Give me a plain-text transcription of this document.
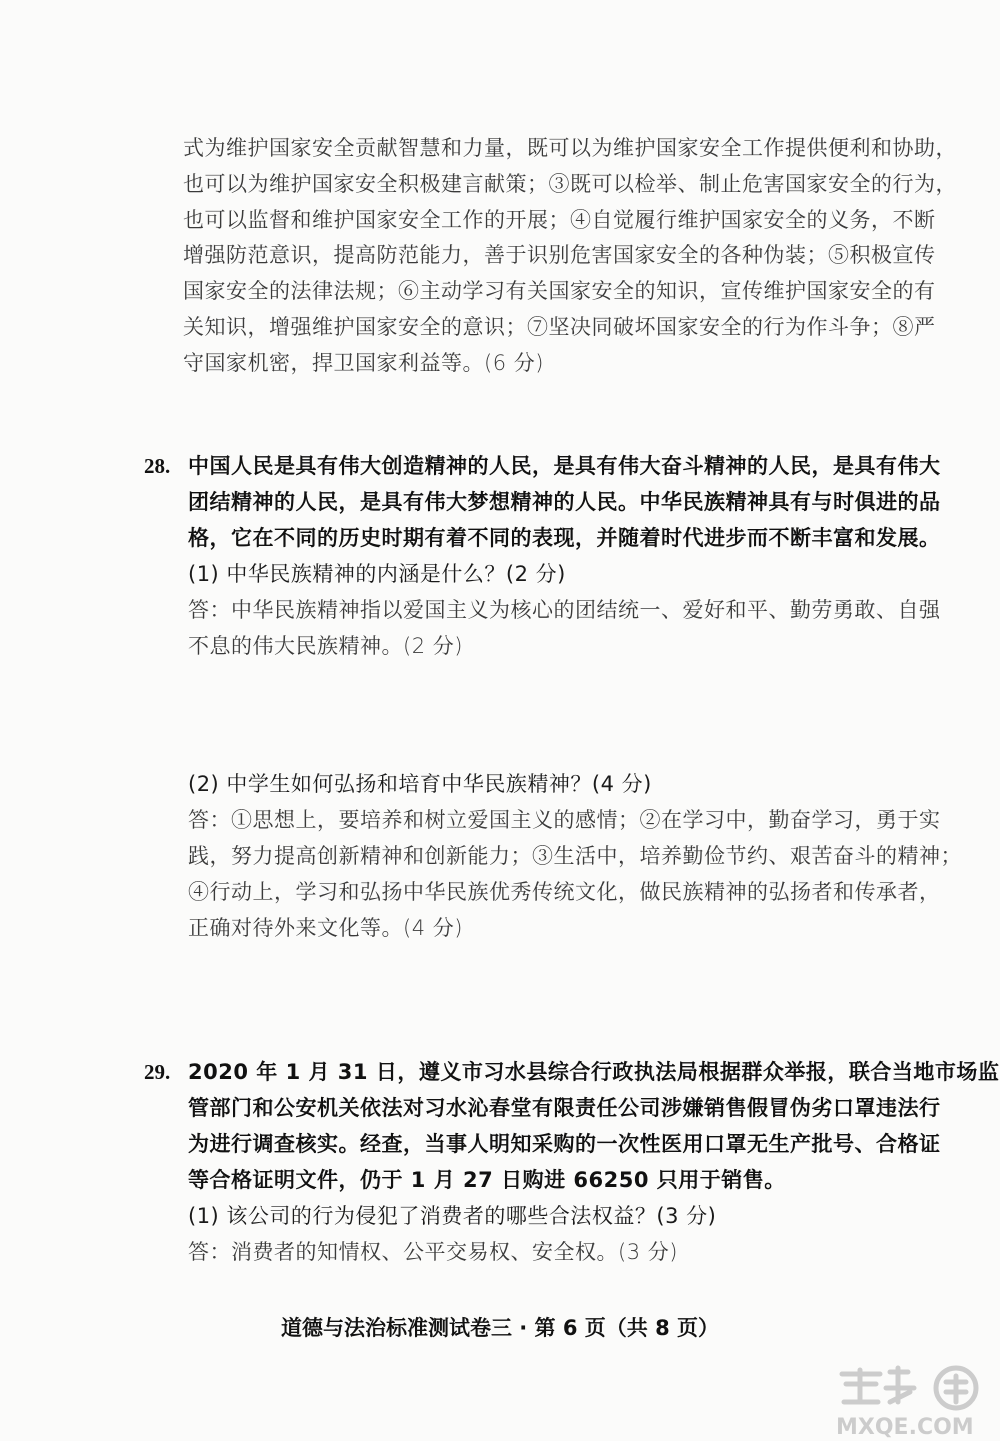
式为维护国家安全贡献智慧和力量，既可以为维护国家安全工作提供便利和协助，
也可以为维护国家安全积极建言献策；③既可以检举、制止危害国家安全的行为，
也可以监督和维护国家安全工作的开展；④自觉履行维护国家安全的义务，不断
增强防范意识，提高防范能力，善于识别危害国家安全的各种伪装；⑤积极宣传
国家安全的法律法规；⑥主动学习有关国家安全的知识，宣传维护国家安全的有
关知识，增强维护国家安全的意识；⑦坚决同破坏国家安全的行为作斗争；⑧严
守国家机密，捍卫国家利益等。(6 分)
28. 中国人民是具有伟大创造精神的人民，是具有伟大奋斗精神的人民，是具有伟大
团结精神的人民，是具有伟大梦想精神的人民。中华民族精神具有与时俱进的品
格，它在不同的历史时期有着不同的表现，并随着时代进步而不断丰富和发展。
(1) 中华民族精神的内涵是什么？(2 分)
答：中华民族精神指以爱国主义为核心的团结统一、爱好和平、勤劳勇敢、自强
不息的伟大民族精神。(2 分)
(2) 中学生如何弘扬和培育中华民族精神？(4 分)
答：①思想上，要培养和树立爱国主义的感情；②在学习中，勤奋学习，勇于实
践，努力提高创新精神和创新能力；③生活中，培养勤俭节约、艰苦奋斗的精神；
④行动上，学习和弘扬中华民族优秀传统文化，做民族精神的弘扬者和传承者，
正确对待外来文化等。(4 分)
29. 2020 年 1 月 31 日，遵义市习水县综合行政执法局根据群众举报，联合当地市场监
管部门和公安机关依法对习水沁春堂有限责任公司涉嫌销售假冒伪劣口罩违法行
为进行调查核实。经查，当事人明知采购的一次性医用口罩无生产批号、合格证
等合格证明文件，仍于 1 月 27 日购进 66250 只用于销售。
(1) 该公司的行为侵犯了消费者的哪些合法权益？(3 分)
答：消费者的知情权、公平交易权、安全权。(3 分)
道德与法治标准测试卷三 · 第 6 页（共 8 页）
MXQE.COM
